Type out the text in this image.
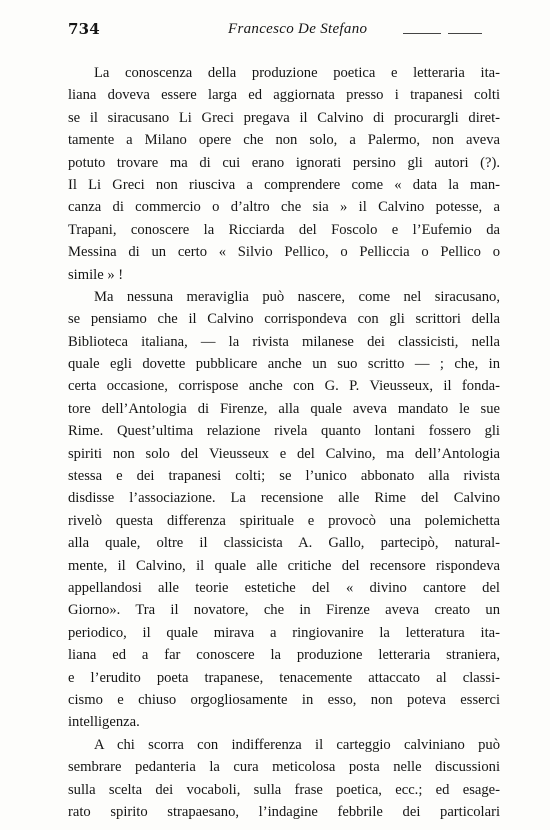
734	Francesco De Stefano
La conoscenza della produzione poetica e letteraria ita-
liana doveva essere larga ed aggiornata presso i trapanesi colti
se il siracusano Li Greci pregava il Calvino di procurargli diret-
tamente a Milano opere che non solo, a Palermo, non aveva
potuto trovare ma di cui erano ignorati persino gli autori (?).
Il Li Greci non riusciva a comprendere come « data la man-
canza di commercio o d’altro che sia » il Calvino potesse, a
Trapani, conoscere la Ricciarda del Foscolo e l’Eufemio da
Messina di un certo « Silvio Pellico, o Pelliccia o Pellico o
simile » !
Ma nessuna meraviglia può nascere, come nel siracusano,
se pensiamo che il Calvino corrispondeva con gli scrittori della
Biblioteca italiana, — la rivista milanese dei classicisti, nella
quale egli dovette pubblicare anche un suo scritto — ; che, in
certa occasione, corrispose anche con G. P. Vieusseux, il fonda-
tore dell’Antologia di Firenze, alla quale aveva mandato le sue
Rime. Quest’ultima relazione rivela quanto lontani fossero gli
spiriti non solo del Vieusseux e del Calvino, ma dell’Antologia
stessa e dei trapanesi colti; se l’unico abbonato alla rivista
disdisse l’associazione. La recensione alle Rime del Calvino
rivelò questa differenza spirituale e provocò una polemichetta
alla quale, oltre il classicista A. Gallo, partecipò, natural-
mente, il Calvino, il quale alle critiche del recensore rispondeva
appellandosi alle teorie estetiche del « divino cantore del
Giorno». Tra il novatore, che in Firenze aveva creato un
periodico, il quale mirava a ringiovanire la letteratura ita-
liana ed a far conoscere la produzione letteraria straniera,
e l’erudito poeta trapanese, tenacemente attaccato al classi-
cismo e chiuso orgogliosamente in esso, non poteva esserci
intelligenza.
A chi scorra con indifferenza il carteggio calviniano può
sembrare pedanteria la cura meticolosa posta nelle discussioni
sulla scelta dei vocaboli, sulla frase poetica, ecc.; ed esage-
rato spirito strapaesano, l’indagine febbrile dei particolari
